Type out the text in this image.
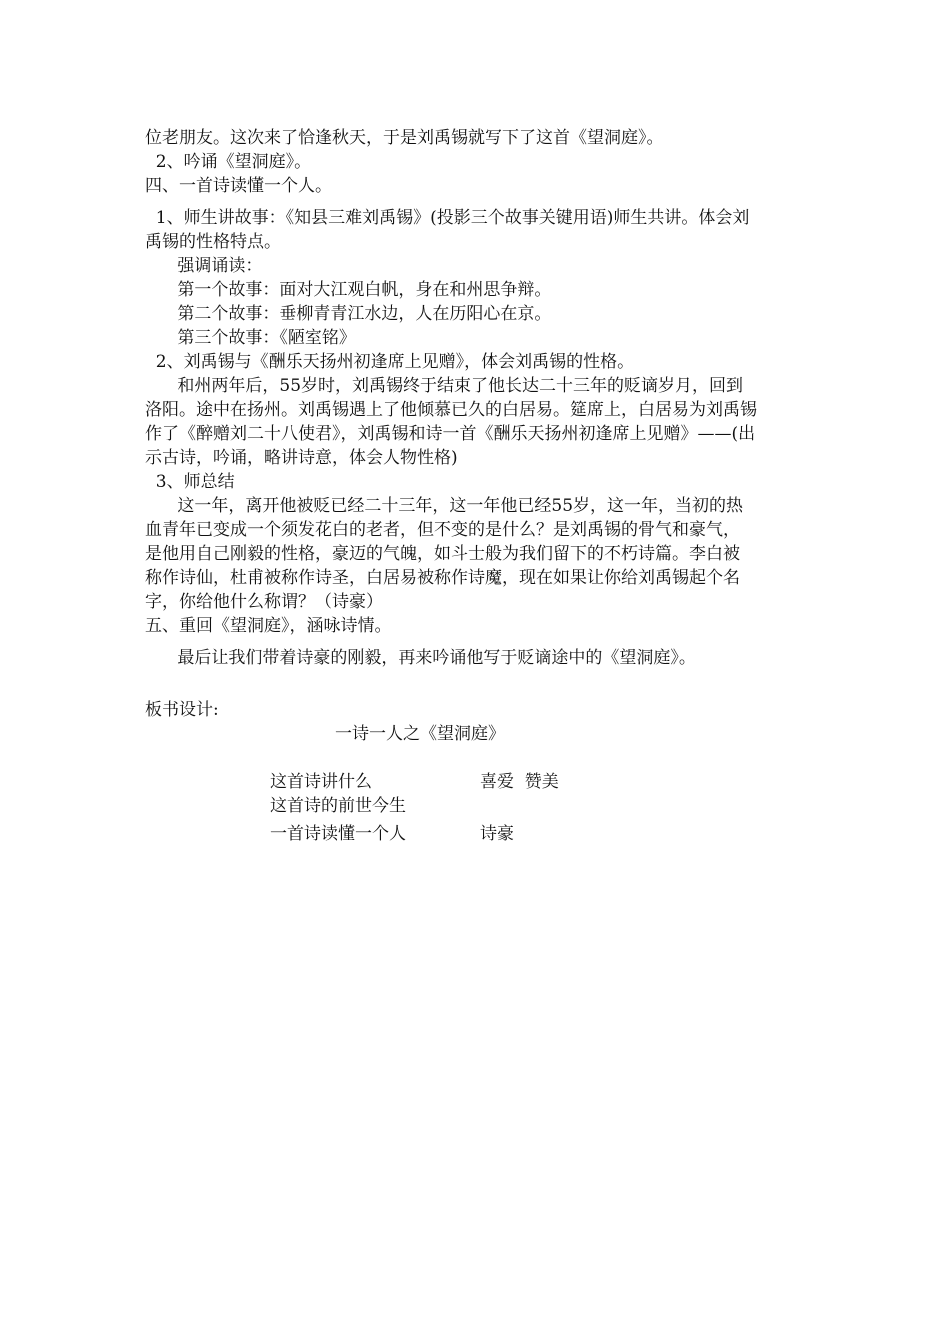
位老朋友。这次来了恰逢秋天，于是刘禹锡就写下了这首《望洞庭》。
2、吟诵《望洞庭》。
四、一首诗读懂一个人。
1、师生讲故事：《知县三难刘禹锡》(投影三个故事关键用语)师生共讲。体会刘
禹锡的性格特点。
强调诵读：
第一个故事：面对大江观白帆，身在和州思争辩。
第二个故事：垂柳青青江水边，人在历阳心在京。
第三个故事：《陋室铭》
2、刘禹锡与《酬乐天扬州初逢席上见赠》，体会刘禹锡的性格。
和州两年后，55岁时，刘禹锡终于结束了他长达二十三年的贬谪岁月，回到
洛阳。途中在扬州。刘禹锡遇上了他倾慕已久的白居易。筵席上，白居易为刘禹锡
作了《醉赠刘二十八使君》，刘禹锡和诗一首《酬乐天扬州初逢席上见赠》——(出
示古诗，吟诵，略讲诗意，体会人物性格)
3、师总结
这一年，离开他被贬已经二十三年，这一年他已经55岁，这一年，当初的热
血青年已变成一个须发花白的老者，但不变的是什么？是刘禹锡的骨气和豪气，
是他用自己刚毅的性格，豪迈的气魄，如斗士般为我们留下的不朽诗篇。李白被
称作诗仙，杜甫被称作诗圣，白居易被称作诗魔，现在如果让你给刘禹锡起个名
字，你给他什么称谓？（诗豪）
五、重回《望洞庭》，涵咏诗情。
最后让我们带着诗豪的刚毅，再来吟诵他写于贬谪途中的《望洞庭》。
板书设计:
一诗一人之《望洞庭》
这首诗讲什么	喜爱  赞美
这首诗的前世今生
一首诗读懂一个人	诗豪
